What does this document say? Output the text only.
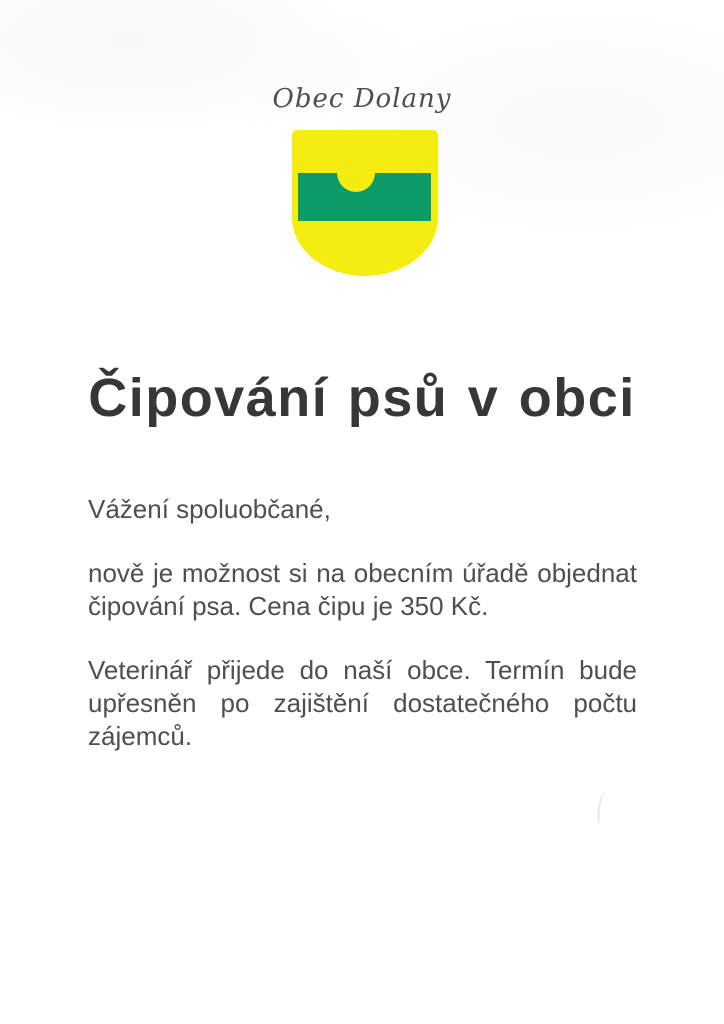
Obec Dolany
Čipování psů v obci

Vážení spoluobčané,

nově je možnost si na obecním úřadě objednat čipování psa. Cena čipu je 350 Kč.

Veterinář přijede do naší obce. Termín bude upřesněn po zajištění dostatečného počtu zájemců.
